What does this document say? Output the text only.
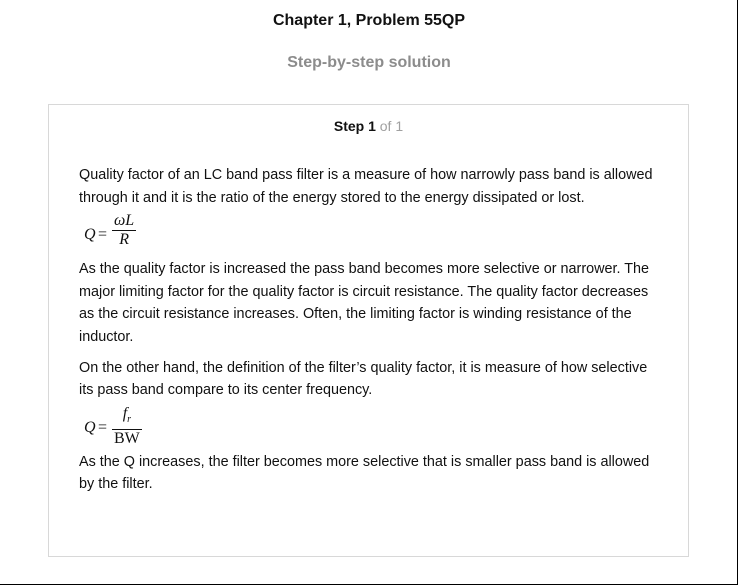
Chapter 1, Problem 55QP
Step-by-step solution
Step 1 of 1

Quality factor of an LC band pass filter is a measure of how narrowly pass band is allowed through it and it is the ratio of the energy stored to the energy dissipated or lost.

Q =
ωL
R

As the quality factor is increased the pass band becomes more selective or narrower. The major limiting factor for the quality factor is circuit resistance. The quality factor decreases as the circuit resistance increases. Often, the limiting factor is winding resistance of the inductor.

On the other hand, the definition of the filter’s quality factor, it is measure of how selective its pass band compare to its center frequency.

Q =
$f_r$
BW

As the Q increases, the filter becomes more selective that is smaller pass band is allowed by the filter.
